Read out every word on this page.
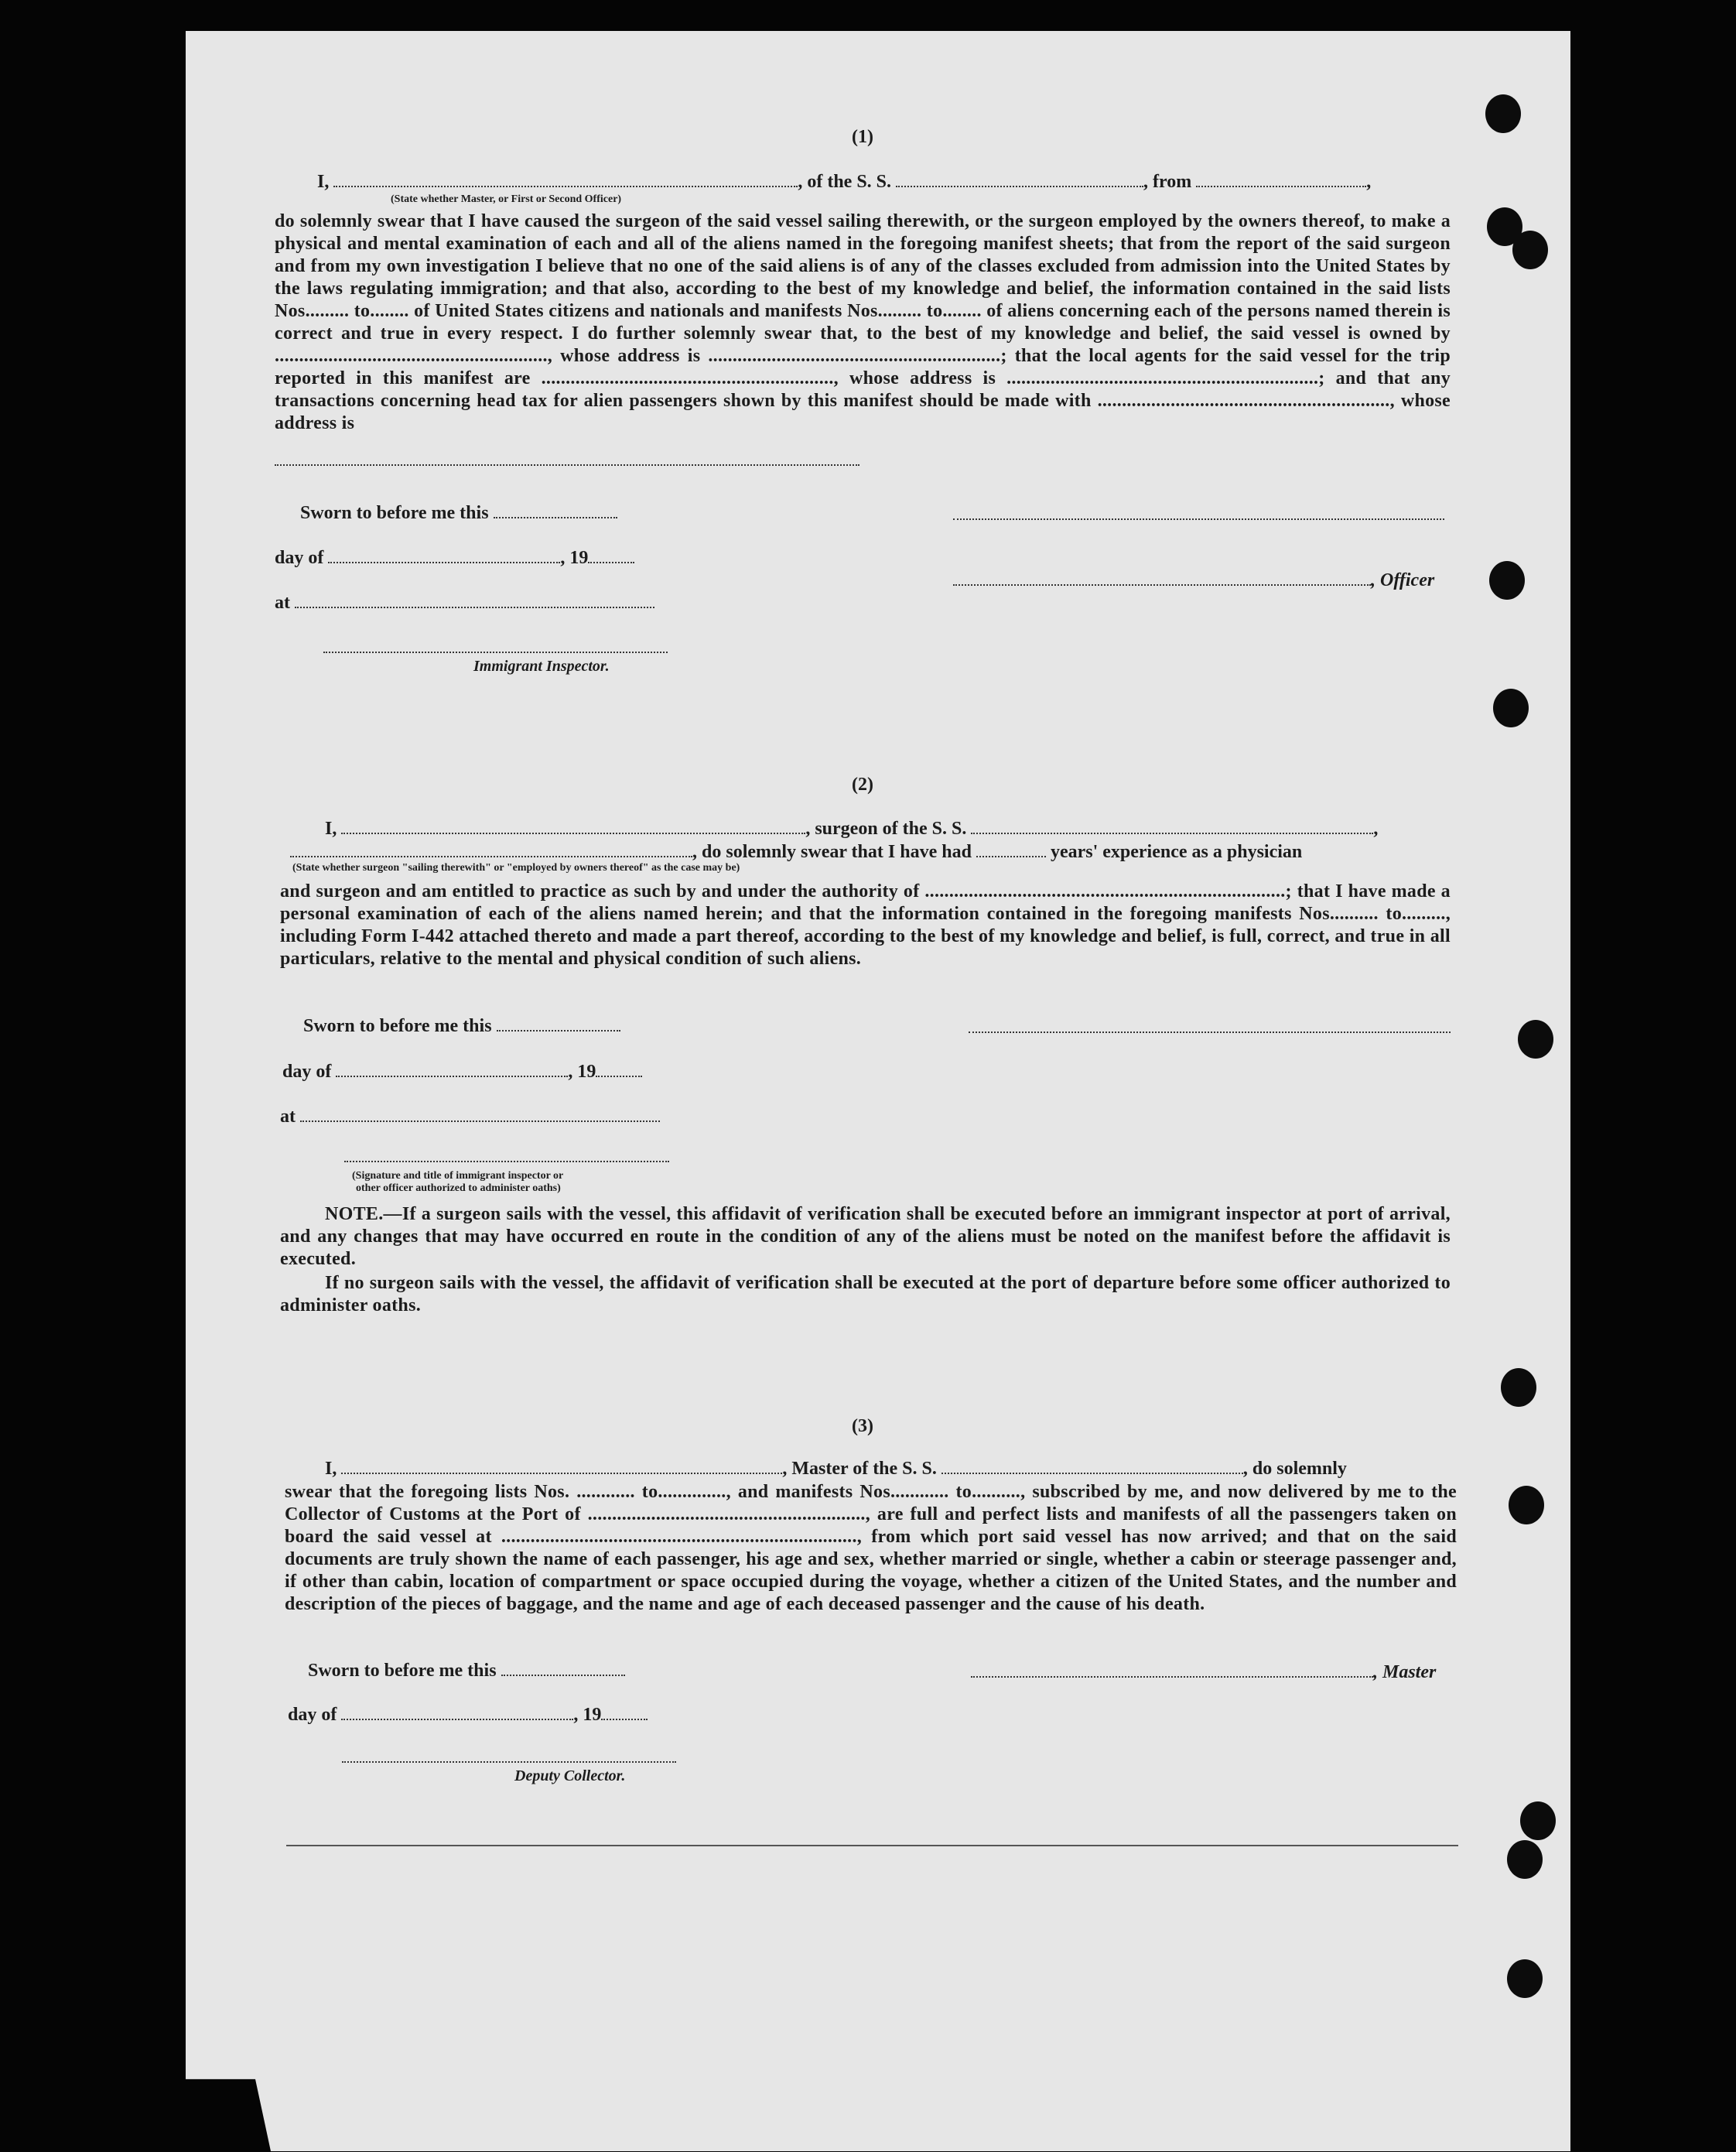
(1)
I,	, of the S. S.	, from	,
(State whether Master, or First or Second Officer)
do solemnly swear that I have caused the surgeon of the said vessel sailing therewith, or the surgeon employed by the owners thereof, to make a physical and mental examination of each and all of the aliens named in the foregoing manifest sheets; that from the report of the said surgeon and from my own investigation I believe that no one of the said aliens is of any of the classes excluded from admission into the United States by the laws regulating immigration; and that also, according to the best of my knowledge and belief, the information contained in the said lists Nos......... to........ of United States citizens and nationals and manifests Nos......... to........ of aliens concerning each of the persons named therein is correct and true in every respect. I do further solemnly swear that, to the best of my knowledge and belief, the said vessel is owned by ........................................................, whose address is ............................................................; that the local agents for the said vessel for the trip reported in this manifest are ............................................................, whose address is ................................................................; and that any transactions concerning head tax for alien passengers shown by this manifest should be made with ............................................................, whose address is
Sworn to before me this
day of	, 19
, Officer
at
Immigrant Inspector.
(2)
I,	, surgeon of the S. S.	,
, do solemnly swear that I have had	years' experience as a physician
(State whether surgeon "sailing therewith" or "employed by owners thereof" as the case may be)
and surgeon and am entitled to practice as such by and under the authority of ..........................................................................; that I have made a personal examination of each of the aliens named herein; and that the information contained in the foregoing manifests Nos.......... to........., including Form I-442 attached thereto and made a part thereof, according to the best of my knowledge and belief, is full, correct, and true in all particulars, relative to the mental and physical condition of such aliens.
Sworn to before me this
day of	, 19
at
(Signature and title of immigrant inspector or
other officer authorized to administer oaths)
NOTE.—If a surgeon sails with the vessel, this affidavit of verification shall be executed before an immigrant inspector at port of arrival, and any changes that may have occurred en route in the condition of any of the aliens must be noted on the manifest before the affidavit is executed.
If no surgeon sails with the vessel, the affidavit of verification shall be executed at the port of departure before some officer authorized to administer oaths.
(3)
I,	, Master of the S. S.	, do solemnly
swear that the foregoing lists Nos. ............ to.............., and manifests Nos............ to.........., subscribed by me, and now delivered by me to the Collector of Customs at the Port of ........................................................., are full and perfect lists and manifests of all the passengers taken on board the said vessel at ........................................................................., from which port said vessel has now arrived; and that on the said documents are truly shown the name of each passenger, his age and sex, whether married or single, whether a cabin or steerage passenger and, if other than cabin, location of compartment or space occupied during the voyage, whether a citizen of the United States, and the number and description of the pieces of baggage, and the name and age of each deceased passenger and the cause of his death.
Sworn to before me this	, Master
day of	, 19
Deputy Collector.
